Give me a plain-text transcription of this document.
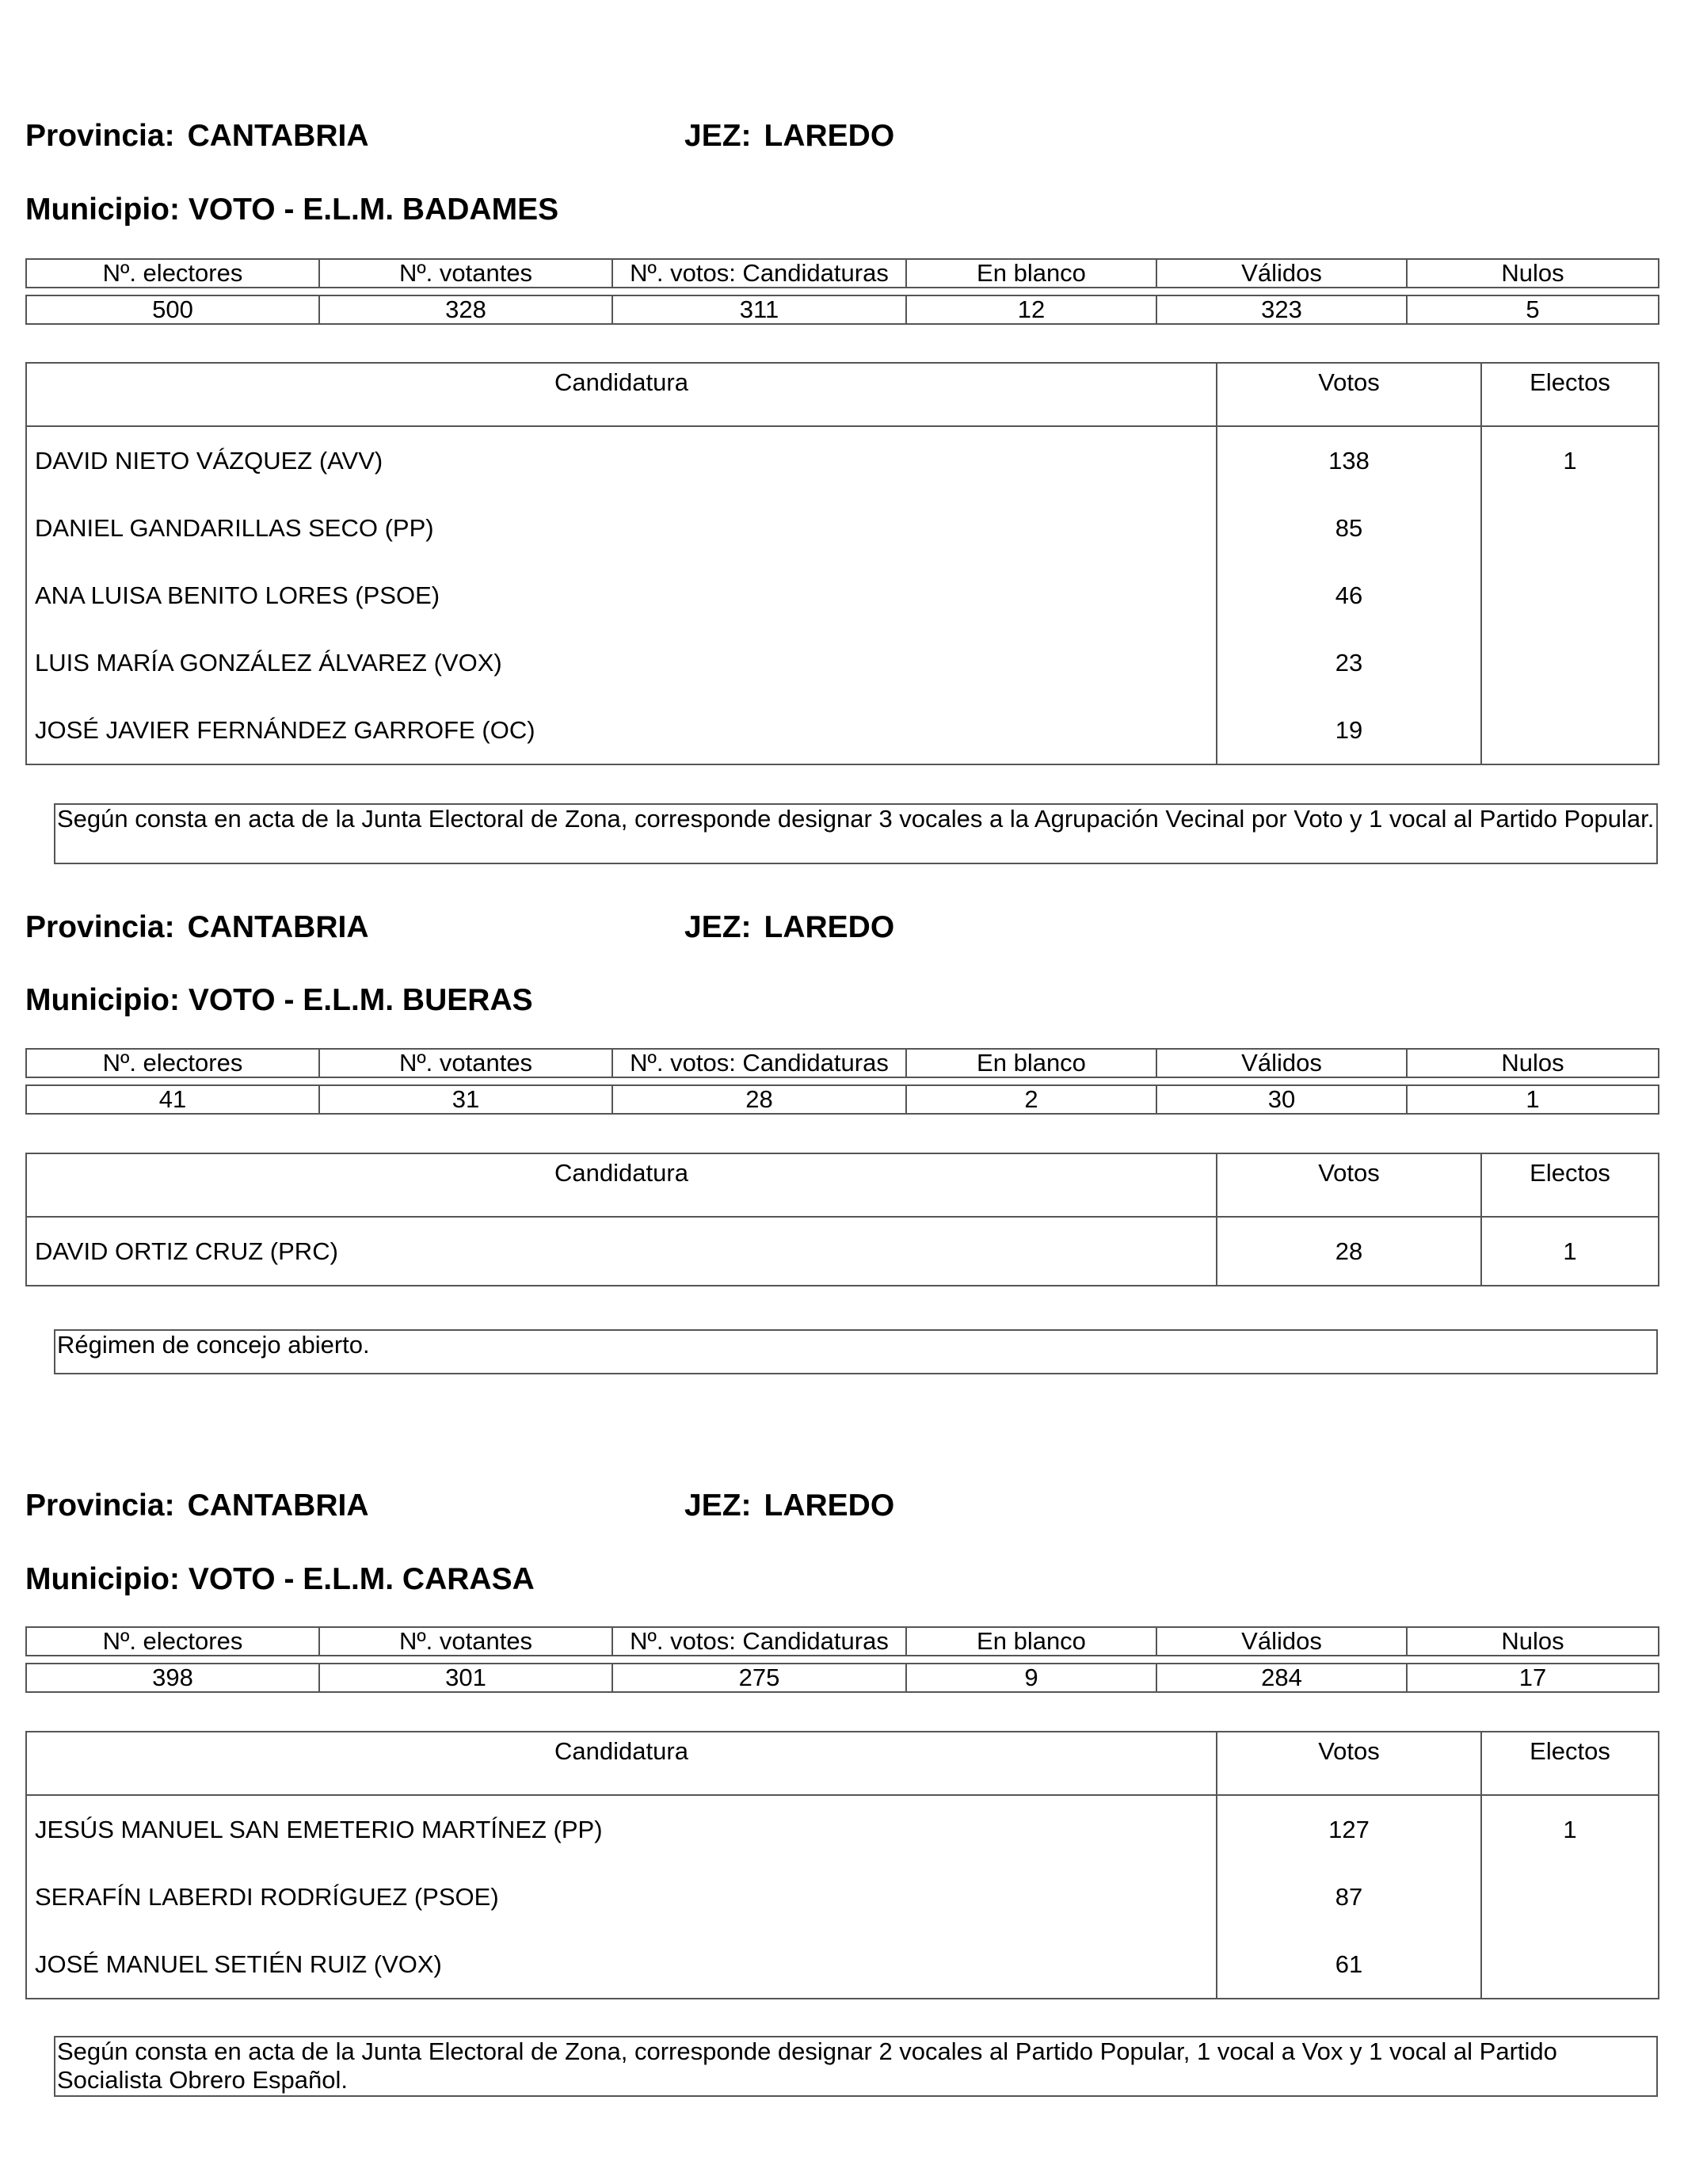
Provincia: CANTABRIA	JEZ: LAREDO
Municipio: VOTO - E.L.M. BADAMES
Nº. electores	Nº. votantes	Nº. votos: Candidaturas	En blanco	Válidos	Nulos

500	328	311	12	323	5
Candidatura	Votos	Electos
DAVID NIETO VÁZQUEZ (AVV)	138	1
DANIEL GANDARILLAS SECO (PP)	85	
ANA LUISA BENITO LORES (PSOE)	46	
LUIS MARÍA GONZÁLEZ ÁLVAREZ (VOX)	23	
JOSÉ JAVIER FERNÁNDEZ GARROFE (OC)	19	
Según consta en acta de la Junta Electoral de Zona, corresponde designar 3 vocales a la Agrupación Vecinal por Voto y 1 vocal al Partido Popular.
Provincia: CANTABRIA	JEZ: LAREDO
Municipio: VOTO - E.L.M. BUERAS
Nº. electores	Nº. votantes	Nº. votos: Candidaturas	En blanco	Válidos	Nulos

41	31	28	2	30	1
Candidatura	Votos	Electos
DAVID ORTIZ CRUZ (PRC)	28	1
Régimen de concejo abierto.
Provincia: CANTABRIA	JEZ: LAREDO
Municipio: VOTO - E.L.M. CARASA
Nº. electores	Nº. votantes	Nº. votos: Candidaturas	En blanco	Válidos	Nulos

398	301	275	9	284	17
Candidatura	Votos	Electos
JESÚS MANUEL SAN EMETERIO MARTÍNEZ (PP)	127	1
SERAFÍN LABERDI RODRÍGUEZ (PSOE)	87	
JOSÉ MANUEL SETIÉN RUIZ (VOX)	61	
Según consta en acta de la Junta Electoral de Zona, corresponde designar 2 vocales al Partido Popular, 1 vocal a Vox y 1 vocal al Partido Socialista Obrero Español.
